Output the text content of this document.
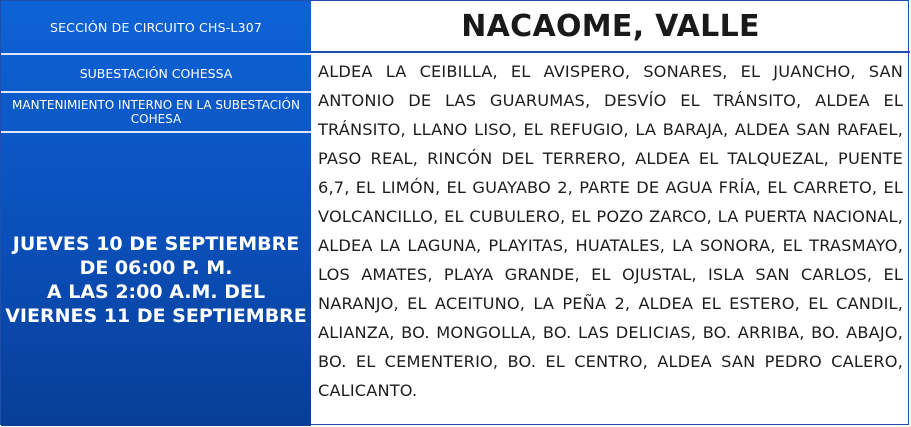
SECCIÓN DE CIRCUITO CHS-L307
SUBESTACIÓN COHESSA
MANTENIMIENTO INTERNO EN LA SUBESTACIÓN COHESA
JUEVES 10 DE SEPTIEMBRE
DE 06:00 P. M.
A LAS 2:00 A.M. DEL
VIERNES 11 DE SEPTIEMBRE
NACAOME, VALLE
ALDEA LA CEIBILLA, EL AVISPERO, SONARES, EL JUANCHO, SAN ANTONIO DE LAS GUARUMAS, DESVÍO EL TRÁNSITO, ALDEA EL TRÁNSITO, LLANO LISO, EL REFUGIO, LA BARAJA, ALDEA SAN RAFAEL, PASO REAL, RINCÓN DEL TERRERO, ALDEA EL TALQUEZAL, PUENTE 6,7, EL LIMÓN, EL GUAYABO 2, PARTE DE AGUA FRÍA, EL CARRETO, EL VOLCANCILLO, EL CUBULERO, EL POZO ZARCO, LA PUERTA NACIONAL, ALDEA LA LAGUNA, PLAYITAS, HUATALES, LA SONORA, EL TRASMAYO, LOS AMATES, PLAYA GRANDE, EL OJUSTAL, ISLA SAN CARLOS, EL NARANJO, EL ACEITUNO, LA PEÑA 2, ALDEA EL ESTERO, EL CANDIL, ALIANZA, BO. MONGOLLA, BO. LAS DELICIAS, BO. ARRIBA, BO. ABAJO, BO. EL CEMENTERIO, BO. EL CENTRO, ALDEA SAN PEDRO CALERO, CALICANTO.
